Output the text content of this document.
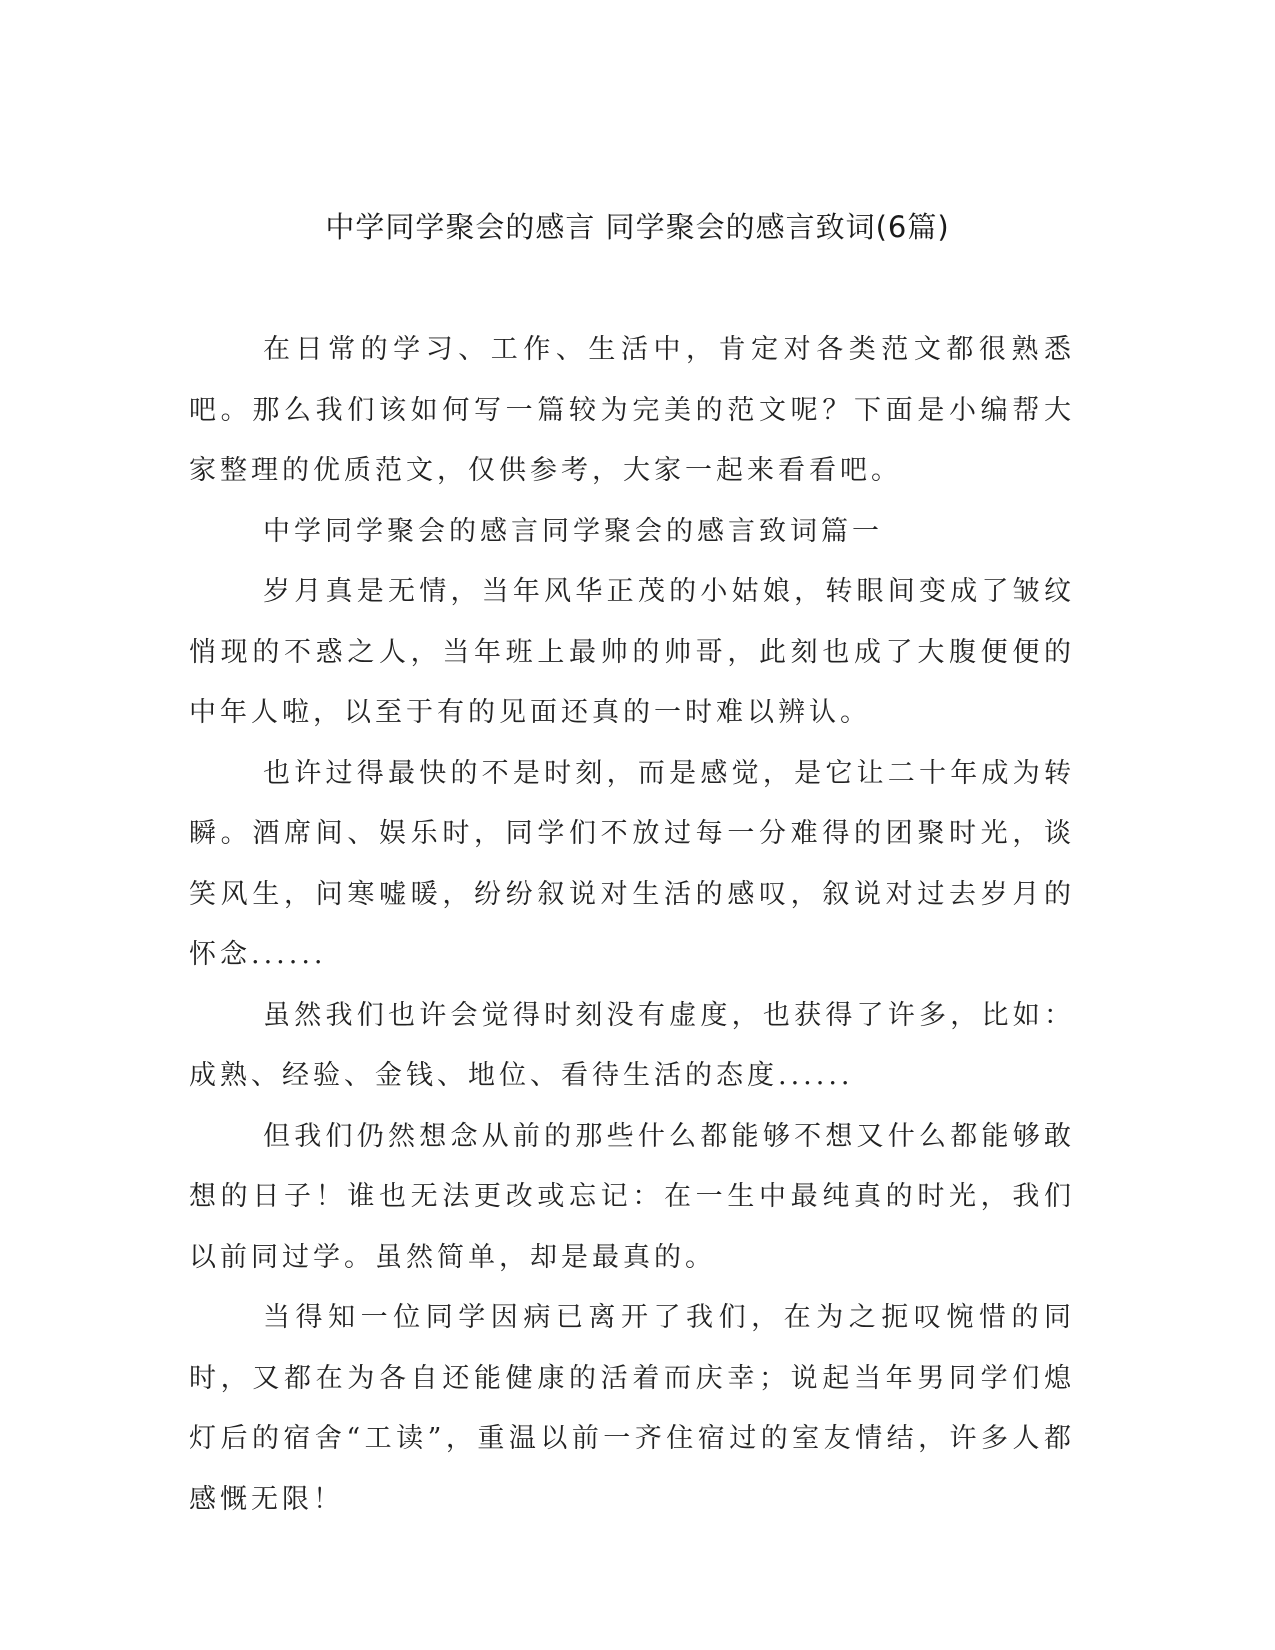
中学同学聚会的感言 同学聚会的感言致词(6篇)

在日常的学习、工作、生活中，肯定对各类范文都很熟悉吧。那么我们该如何写一篇较为完美的范文呢？下面是小编帮大家整理的优质范文，仅供参考，大家一起来看看吧。

中学同学聚会的感言同学聚会的感言致词篇一

岁月真是无情，当年风华正茂的小姑娘，转眼间变成了皱纹悄现的不惑之人，当年班上最帅的帅哥，此刻也成了大腹便便的中年人啦，以至于有的见面还真的一时难以辨认。

也许过得最快的不是时刻，而是感觉，是它让二十年成为转瞬。酒席间、娱乐时，同学们不放过每一分难得的团聚时光，谈笑风生，问寒嘘暖，纷纷叙说对生活的感叹，叙说对过去岁月的怀念......

虽然我们也许会觉得时刻没有虚度，也获得了许多，比如：成熟、经验、金钱、地位、看待生活的态度......

但我们仍然想念从前的那些什么都能够不想又什么都能够敢想的日子！谁也无法更改或忘记：在一生中最纯真的时光，我们以前同过学。虽然简单，却是最真的。

当得知一位同学因病已离开了我们，在为之扼叹惋惜的同时，又都在为各自还能健康的活着而庆幸；说起当年男同学们熄灯后的宿舍“工读”，重温以前一齐住宿过的室友情结，许多人都感慨无限！
